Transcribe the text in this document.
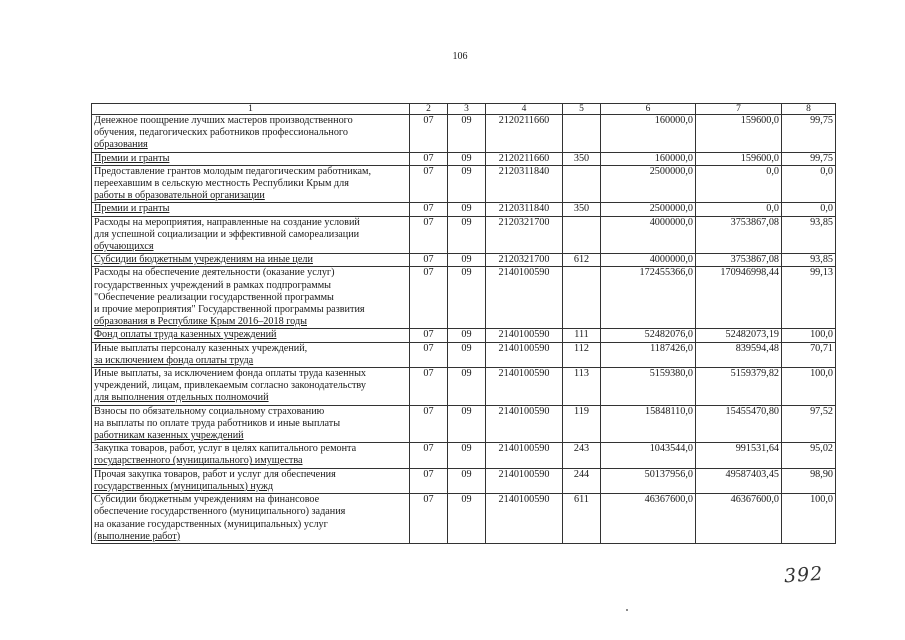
106
1	2	3	4	5	6	7	8

Денежное поощрение лучших мастеров производственного
обучения, педагогических работников профессионального
образования	07	09	2120211660		160000,0	159600,0	99,75

Премии и гранты	07	09	2120211660	350	160000,0	159600,0	99,75

Предоставление грантов молодым педагогическим работникам,
переехавшим в сельскую местность Республики Крым для
работы в образовательной организации	07	09	2120311840		2500000,0	0,0	0,0

Премии и гранты	07	09	2120311840	350	2500000,0	0,0	0,0

Расходы на мероприятия, направленные на создание условий
для успешной социализации и эффективной самореализации
обучающихся	07	09	2120321700		4000000,0	3753867,08	93,85

Субсидии бюджетным учреждениям на иные цели	07	09	2120321700	612	4000000,0	3753867,08	93,85

Расходы на обеспечение деятельности (оказание услуг)
государственных учреждений в рамках подпрограммы
"Обеспечение реализации государственной программы
и прочие мероприятия" Государственной программы развития
образования в Республике Крым 2016–2018 годы	07	09	2140100590		172455366,0	170946998,44	99,13

Фонд оплаты труда казенных учреждений	07	09	2140100590	111	52482076,0	52482073,19	100,0

Иные выплаты персоналу казенных учреждений,
за исключением фонда оплаты труда	07	09	2140100590	112	1187426,0	839594,48	70,71

Иные выплаты, за исключением фонда оплаты труда казенных
учреждений, лицам, привлекаемым согласно законодательству
для выполнения отдельных полномочий	07	09	2140100590	113	5159380,0	5159379,82	100,0

Взносы по обязательному социальному страхованию
на выплаты по оплате труда работников и иные выплаты
работникам казенных учреждений	07	09	2140100590	119	15848110,0	15455470,80	97,52

Закупка товаров, работ, услуг в целях капитального ремонта
государственного (муниципального) имущества	07	09	2140100590	243	1043544,0	991531,64	95,02

Прочая закупка товаров, работ и услуг для обеспечения
государственных (муниципальных) нужд	07	09	2140100590	244	50137956,0	49587403,45	98,90

Субсидии бюджетным учреждениям на финансовое
обеспечение государственного (муниципального) задания
на оказание государственных (муниципальных) услуг
(выполнение работ)	07	09	2140100590	611	46367600,0	46367600,0	100,0
392
